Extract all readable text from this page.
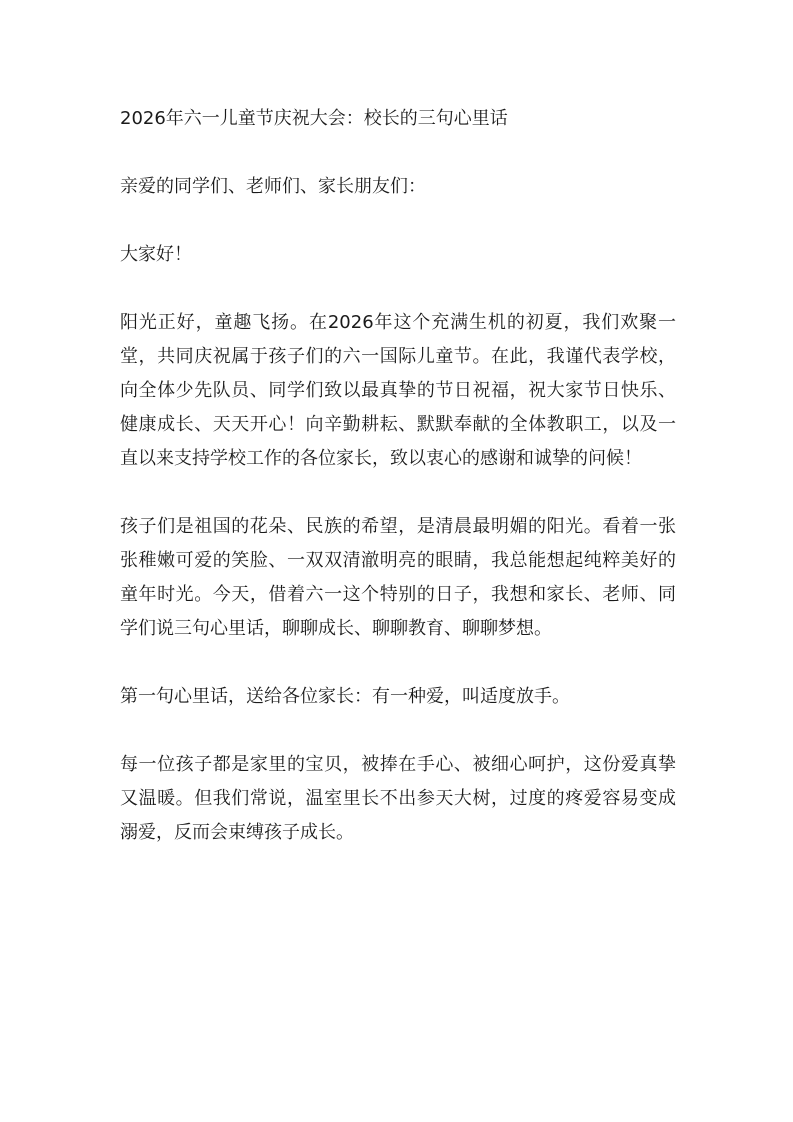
2026年六一儿童节庆祝大会：校长的三句心里话

亲爱的同学们、老师们、家长朋友们：

大家好！

阳光正好，童趣飞扬。在2026年这个充满生机的初夏，我们欢聚一堂，共同庆祝属于孩子们的六一国际儿童节。在此，我谨代表学校，向全体少先队员、同学们致以最真挚的节日祝福，祝大家节日快乐、健康成长、天天开心！向辛勤耕耘、默默奉献的全体教职工，以及一直以来支持学校工作的各位家长，致以衷心的感谢和诚挚的问候！

孩子们是祖国的花朵、民族的希望，是清晨最明媚的阳光。看着一张张稚嫩可爱的笑脸、一双双清澈明亮的眼睛，我总能想起纯粹美好的童年时光。今天，借着六一这个特别的日子，我想和家长、老师、同学们说三句心里话，聊聊成长、聊聊教育、聊聊梦想。

第一句心里话，送给各位家长：有一种爱，叫适度放手。

每一位孩子都是家里的宝贝，被捧在手心、被细心呵护，这份爱真挚又温暖。但我们常说，温室里长不出参天大树，过度的疼爱容易变成溺爱，反而会束缚孩子成长。
